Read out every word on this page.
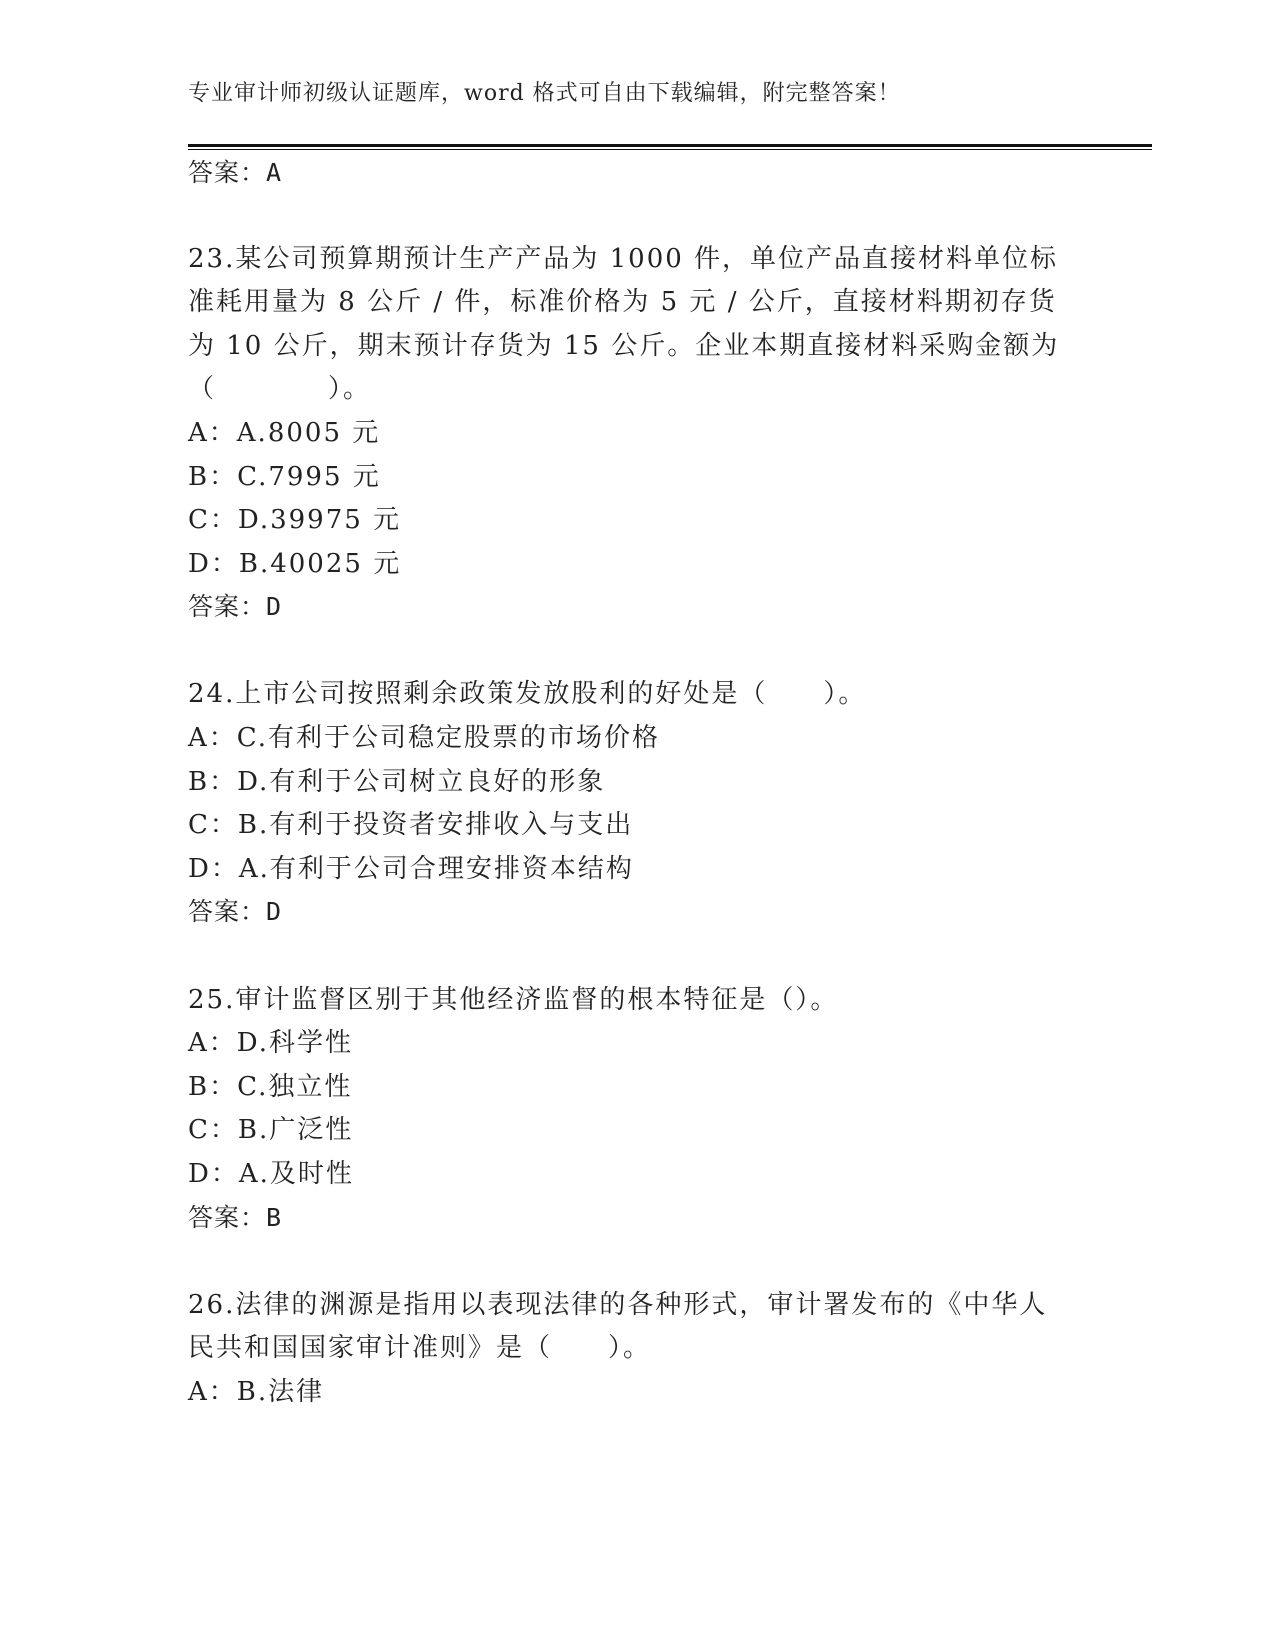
专业审计师初级认证题库，word 格式可自由下载编辑，附完整答案！
答案：A
23.某公司预算期预计生产产品为 1000 件，单位产品直接材料单位标
准耗用量为 8 公斤 / 件，标准价格为 5 元 / 公斤，直接材料期初存货
为 10 公斤，期末预计存货为 15 公斤。企业本期直接材料采购金额为
（　　　　）。
A：A.8005 元
B：C.7995 元
C：D.39975 元
D：B.40025 元
答案：D
24.上市公司按照剩余政策发放股利的好处是（　　）。
A：C.有利于公司稳定股票的市场价格
B：D.有利于公司树立良好的形象
C：B.有利于投资者安排收入与支出
D：A.有利于公司合理安排资本结构
答案：D
25.审计监督区别于其他经济监督的根本特征是（）。
A：D.科学性
B：C.独立性
C：B.广泛性
D：A.及时性
答案：B
26.法律的渊源是指用以表现法律的各种形式，审计署发布的《中华人
民共和国国家审计准则》是（　　）。
A：B.法律
